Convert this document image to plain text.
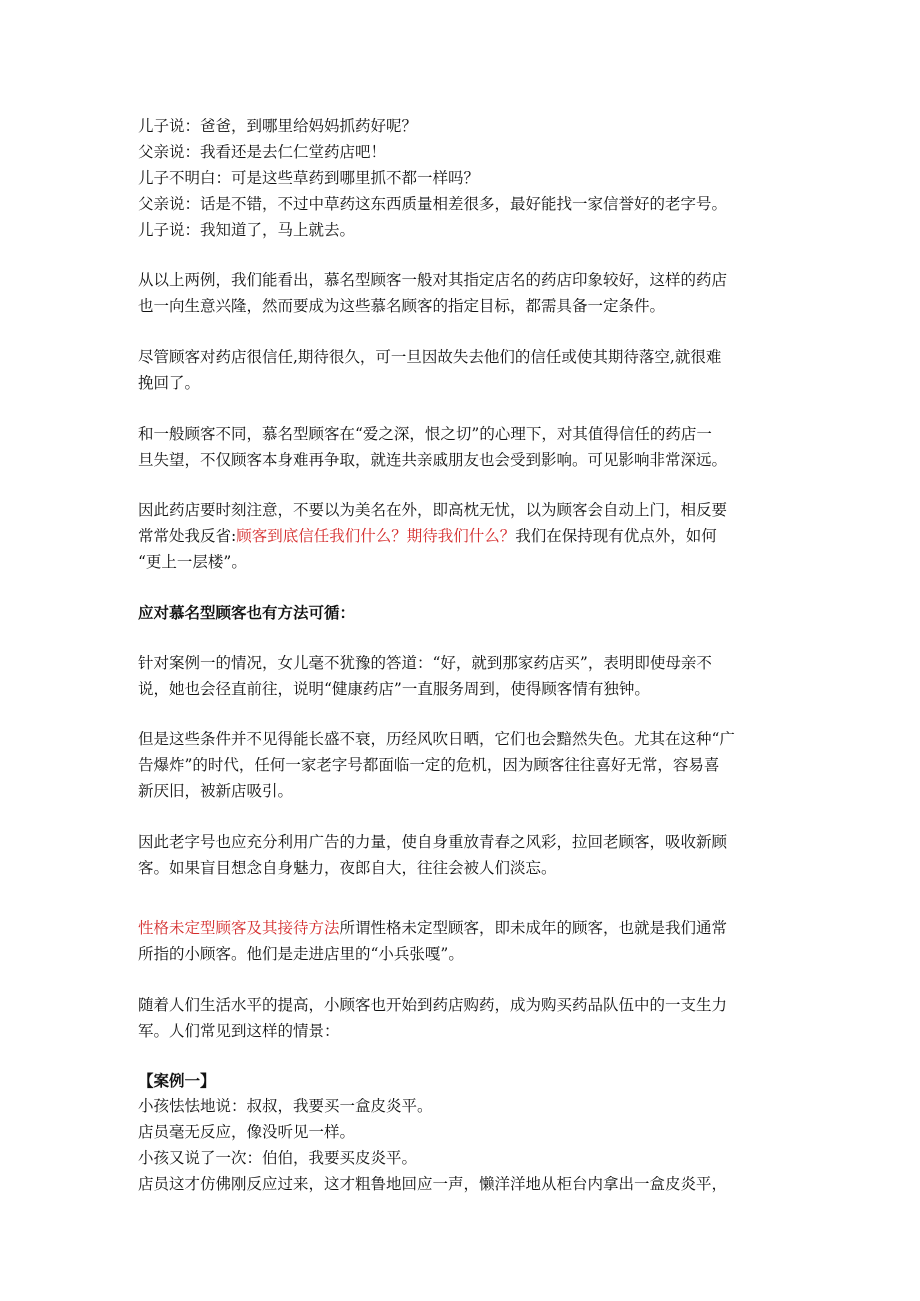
儿子说：爸爸，到哪里给妈妈抓药好呢？
父亲说：我看还是去仁仁堂药店吧！
儿子不明白：可是这些草药到哪里抓不都一样吗？
父亲说：话是不错，不过中草药这东西质量相差很多，最好能找一家信誉好的老字号。
儿子说：我知道了，马上就去。
从以上两例，我们能看出，慕名型顾客一般对其指定店名的药店印象较好，这样的药店
也一向生意兴隆，然而要成为这些慕名顾客的指定目标，都需具备一定条件。
尽管顾客对药店很信任,期待很久，可一旦因故失去他们的信任或使其期待落空,就很难
挽回了。
和一般顾客不同，慕名型顾客在“爱之深，恨之切”的心理下，对其值得信任的药店一
旦失望，不仅顾客本身难再争取，就连共亲戚朋友也会受到影响。可见影响非常深远。
因此药店要时刻注意，不要以为美名在外，即高枕无忧，以为顾客会自动上门，相反要
常常处我反省:顾客到底信任我们什么？期待我们什么？我们在保持现有优点外，如何
“更上一层楼”。
应对慕名型顾客也有方法可循：
针对案例一的情况，女儿毫不犹豫的答道：“好，就到那家药店买”，表明即使母亲不
说，她也会径直前往，说明“健康药店”一直服务周到，使得顾客情有独钟。
但是这些条件并不见得能长盛不衰，历经风吹日晒，它们也会黯然失色。尤其在这种“广
告爆炸”的时代，任何一家老字号都面临一定的危机，因为顾客往往喜好无常，容易喜
新厌旧，被新店吸引。
因此老字号也应充分利用广告的力量，使自身重放青春之风彩，拉回老顾客，吸收新顾
客。如果盲目想念自身魅力，夜郎自大，往往会被人们淡忘。
性格未定型顾客及其接待方法所谓性格未定型顾客，即未成年的顾客，也就是我们通常
所指的小顾客。他们是走进店里的“小兵张嘎”。
随着人们生活水平的提高，小顾客也开始到药店购药，成为购买药品队伍中的一支生力
军。人们常见到这样的情景：
【案例一】
小孩怯怯地说：叔叔，我要买一盒皮炎平。
店员毫无反应，像没听见一样。
小孩又说了一次：伯伯，我要买皮炎平。
店员这才仿佛刚反应过来，这才粗鲁地回应一声，懒洋洋地从柜台内拿出一盒皮炎平，
